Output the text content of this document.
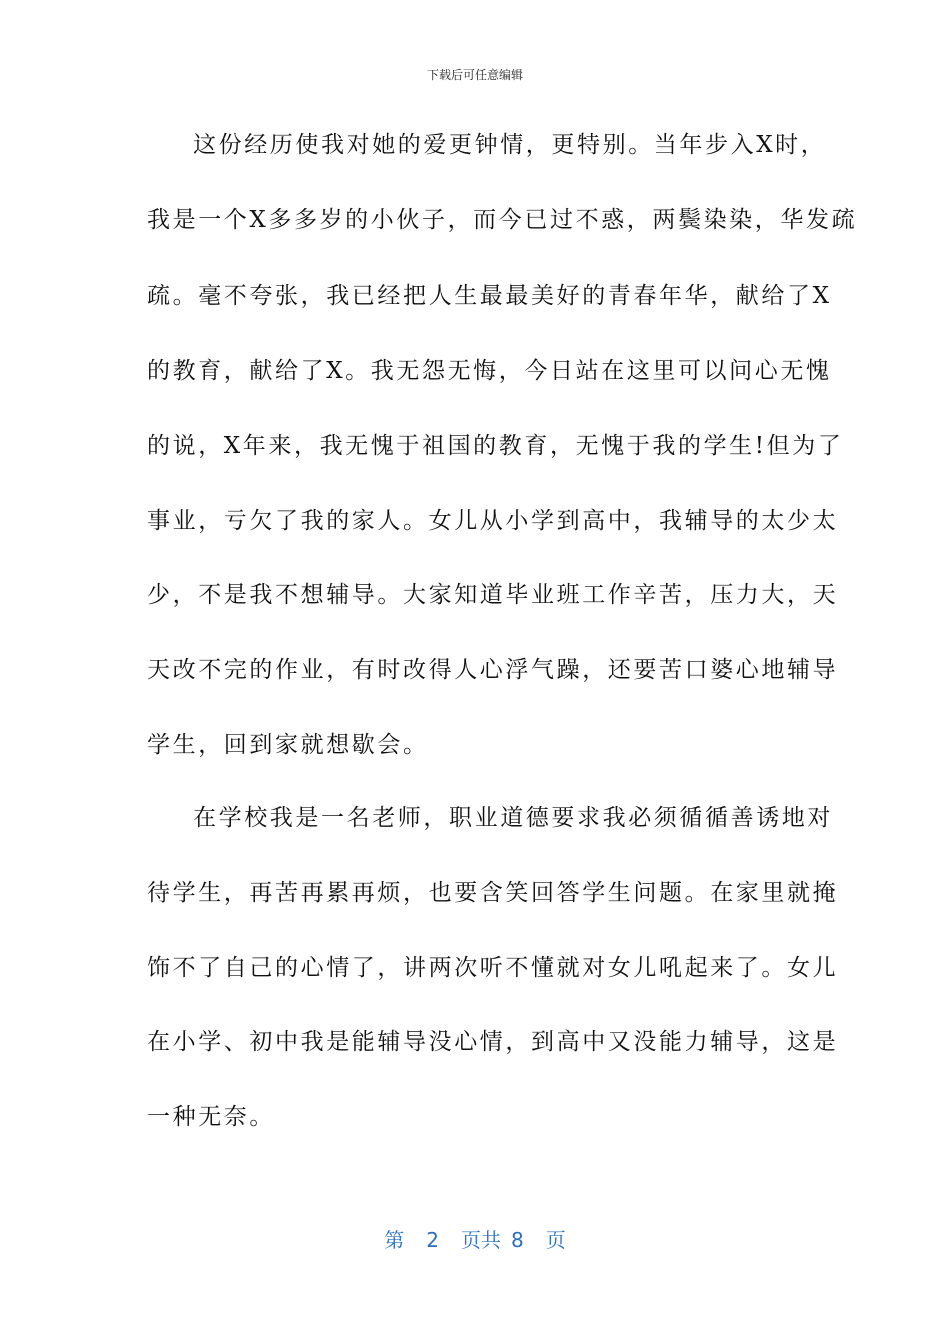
下载后可任意编辑
这份经历使我对她的爱更钟情，更特别。当年步入X时，
我是一个X多多岁的小伙子，而今已过不惑，两鬓染染，华发疏
疏。毫不夸张，我已经把人生最最美好的青春年华，献给了X
的教育，献给了X。我无怨无悔，今日站在这里可以问心无愧
的说，X年来，我无愧于祖国的教育，无愧于我的学生!但为了
事业，亏欠了我的家人。女儿从小学到高中，我辅导的太少太
少，不是我不想辅导。大家知道毕业班工作辛苦，压力大，天
天改不完的作业，有时改得人心浮气躁，还要苦口婆心地辅导
学生，回到家就想歇会。
在学校我是一名老师，职业道德要求我必须循循善诱地对
待学生，再苦再累再烦，也要含笑回答学生问题。在家里就掩
饰不了自己的心情了，讲两次听不懂就对女儿吼起来了。女儿
在小学、初中我是能辅导没心情，到高中又没能力辅导，这是
一种无奈。
第 2 页共 8 页
